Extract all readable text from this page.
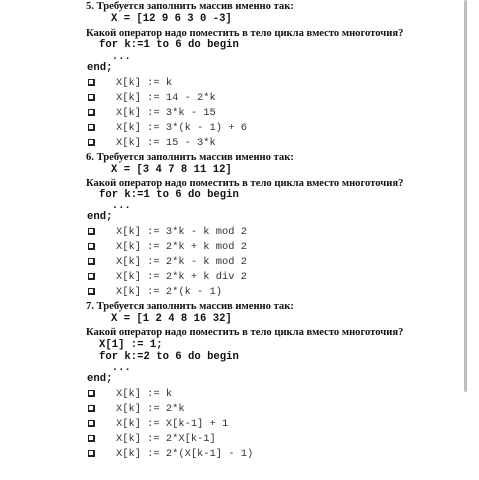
5. Требуется заполнить массив именно так:
X = [12 9 6 3 0 -3]
Какой оператор надо поместить в тело цикла вместо многоточия?
for k:=1 to 6 do begin
...
end;
X[k] := k
X[k] := 14 - 2*k
X[k] := 3*k - 15
X[k] := 3*(k - 1) + 6
X[k] := 15 - 3*k
6. Требуется заполнить массив именно так:
X = [3 4 7 8 11 12]
Какой оператор надо поместить в тело цикла вместо многоточия?
for k:=1 to 6 do begin
...
end;
X[k] := 3*k - k mod 2
X[k] := 2*k + k mod 2
X[k] := 2*k - k mod 2
X[k] := 2*k + k div 2
X[k] := 2*(k - 1)
7. Требуется заполнить массив именно так:
X = [1 2 4 8 16 32]
Какой оператор надо поместить в тело цикла вместо многоточия?
X[1] := 1;
for k:=2 to 6 do begin
...
end;
X[k] := k
X[k] := 2*k
X[k] := X[k-1] + 1
X[k] := 2*X[k-1]
X[k] := 2*(X[k-1] - 1)
